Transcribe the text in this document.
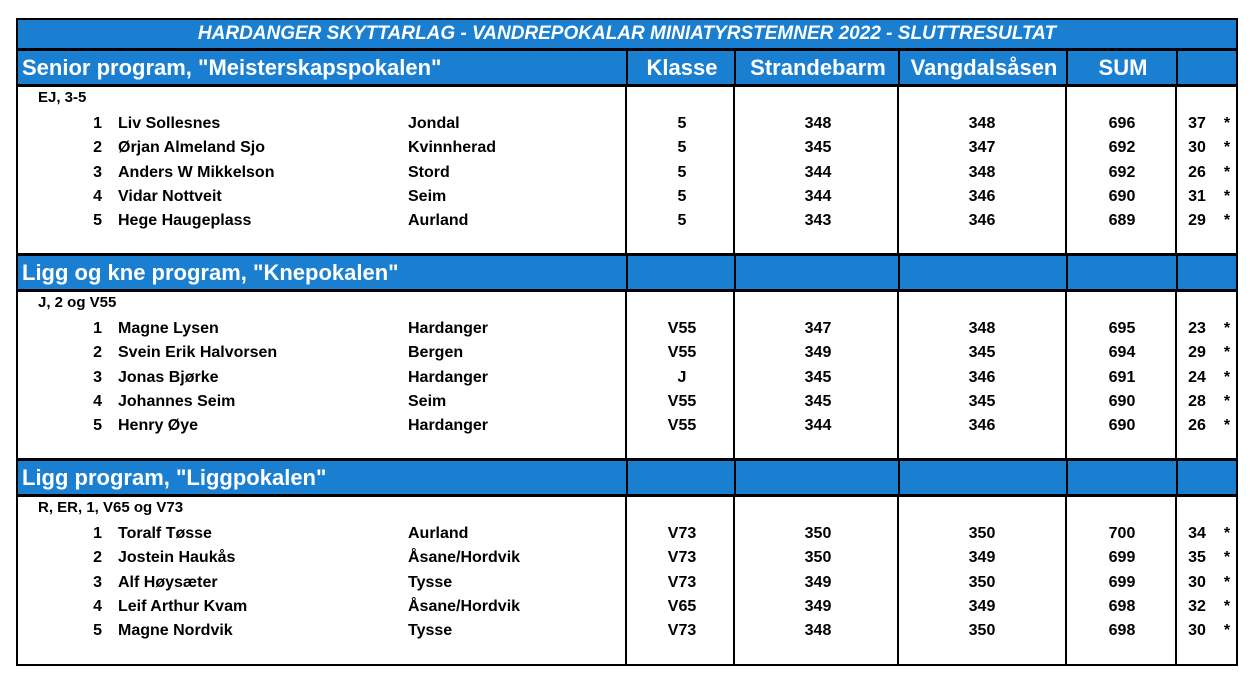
HARDANGER SKYTTARLAG - VANDREPOKALAR MINIATYRSTEMNER 2022 - SLUTTRESULTAT
Senior program, "Meisterskapspokalen"	Klasse	Strandebarm	Vangdalsåsen	SUM
EJ, 3-5
1 Liv Sollesnes	Jondal	5	348	348	696	37	*
2 Ørjan Almeland Sjo	Kvinnherad	5	345	347	692	30	*
3 Anders W Mikkelson	Stord	5	344	348	692	26	*
4 Vidar Nottveit	Seim	5	344	346	690	31	*
5 Hege Haugeplass	Aurland	5	343	346	689	29	*
Ligg og kne program, "Knepokalen"
J, 2 og V55
1 Magne Lysen	Hardanger	V55	347	348	695	23	*
2 Svein Erik Halvorsen	Bergen	V55	349	345	694	29	*
3 Jonas Bjørke	Hardanger	J	345	346	691	24	*
4 Johannes Seim	Seim	V55	345	345	690	28	*
5 Henry Øye	Hardanger	V55	344	346	690	26	*
Ligg program, "Liggpokalen"
R, ER, 1, V65 og V73
1 Toralf Tøsse	Aurland	V73	350	350	700	34	*
2 Jostein Haukås	Åsane/Hordvik	V73	350	349	699	35	*
3 Alf Høysæter	Tysse	V73	349	350	699	30	*
4 Leif Arthur Kvam	Åsane/Hordvik	V65	349	349	698	32	*
5 Magne Nordvik	Tysse	V73	348	350	698	30	*
